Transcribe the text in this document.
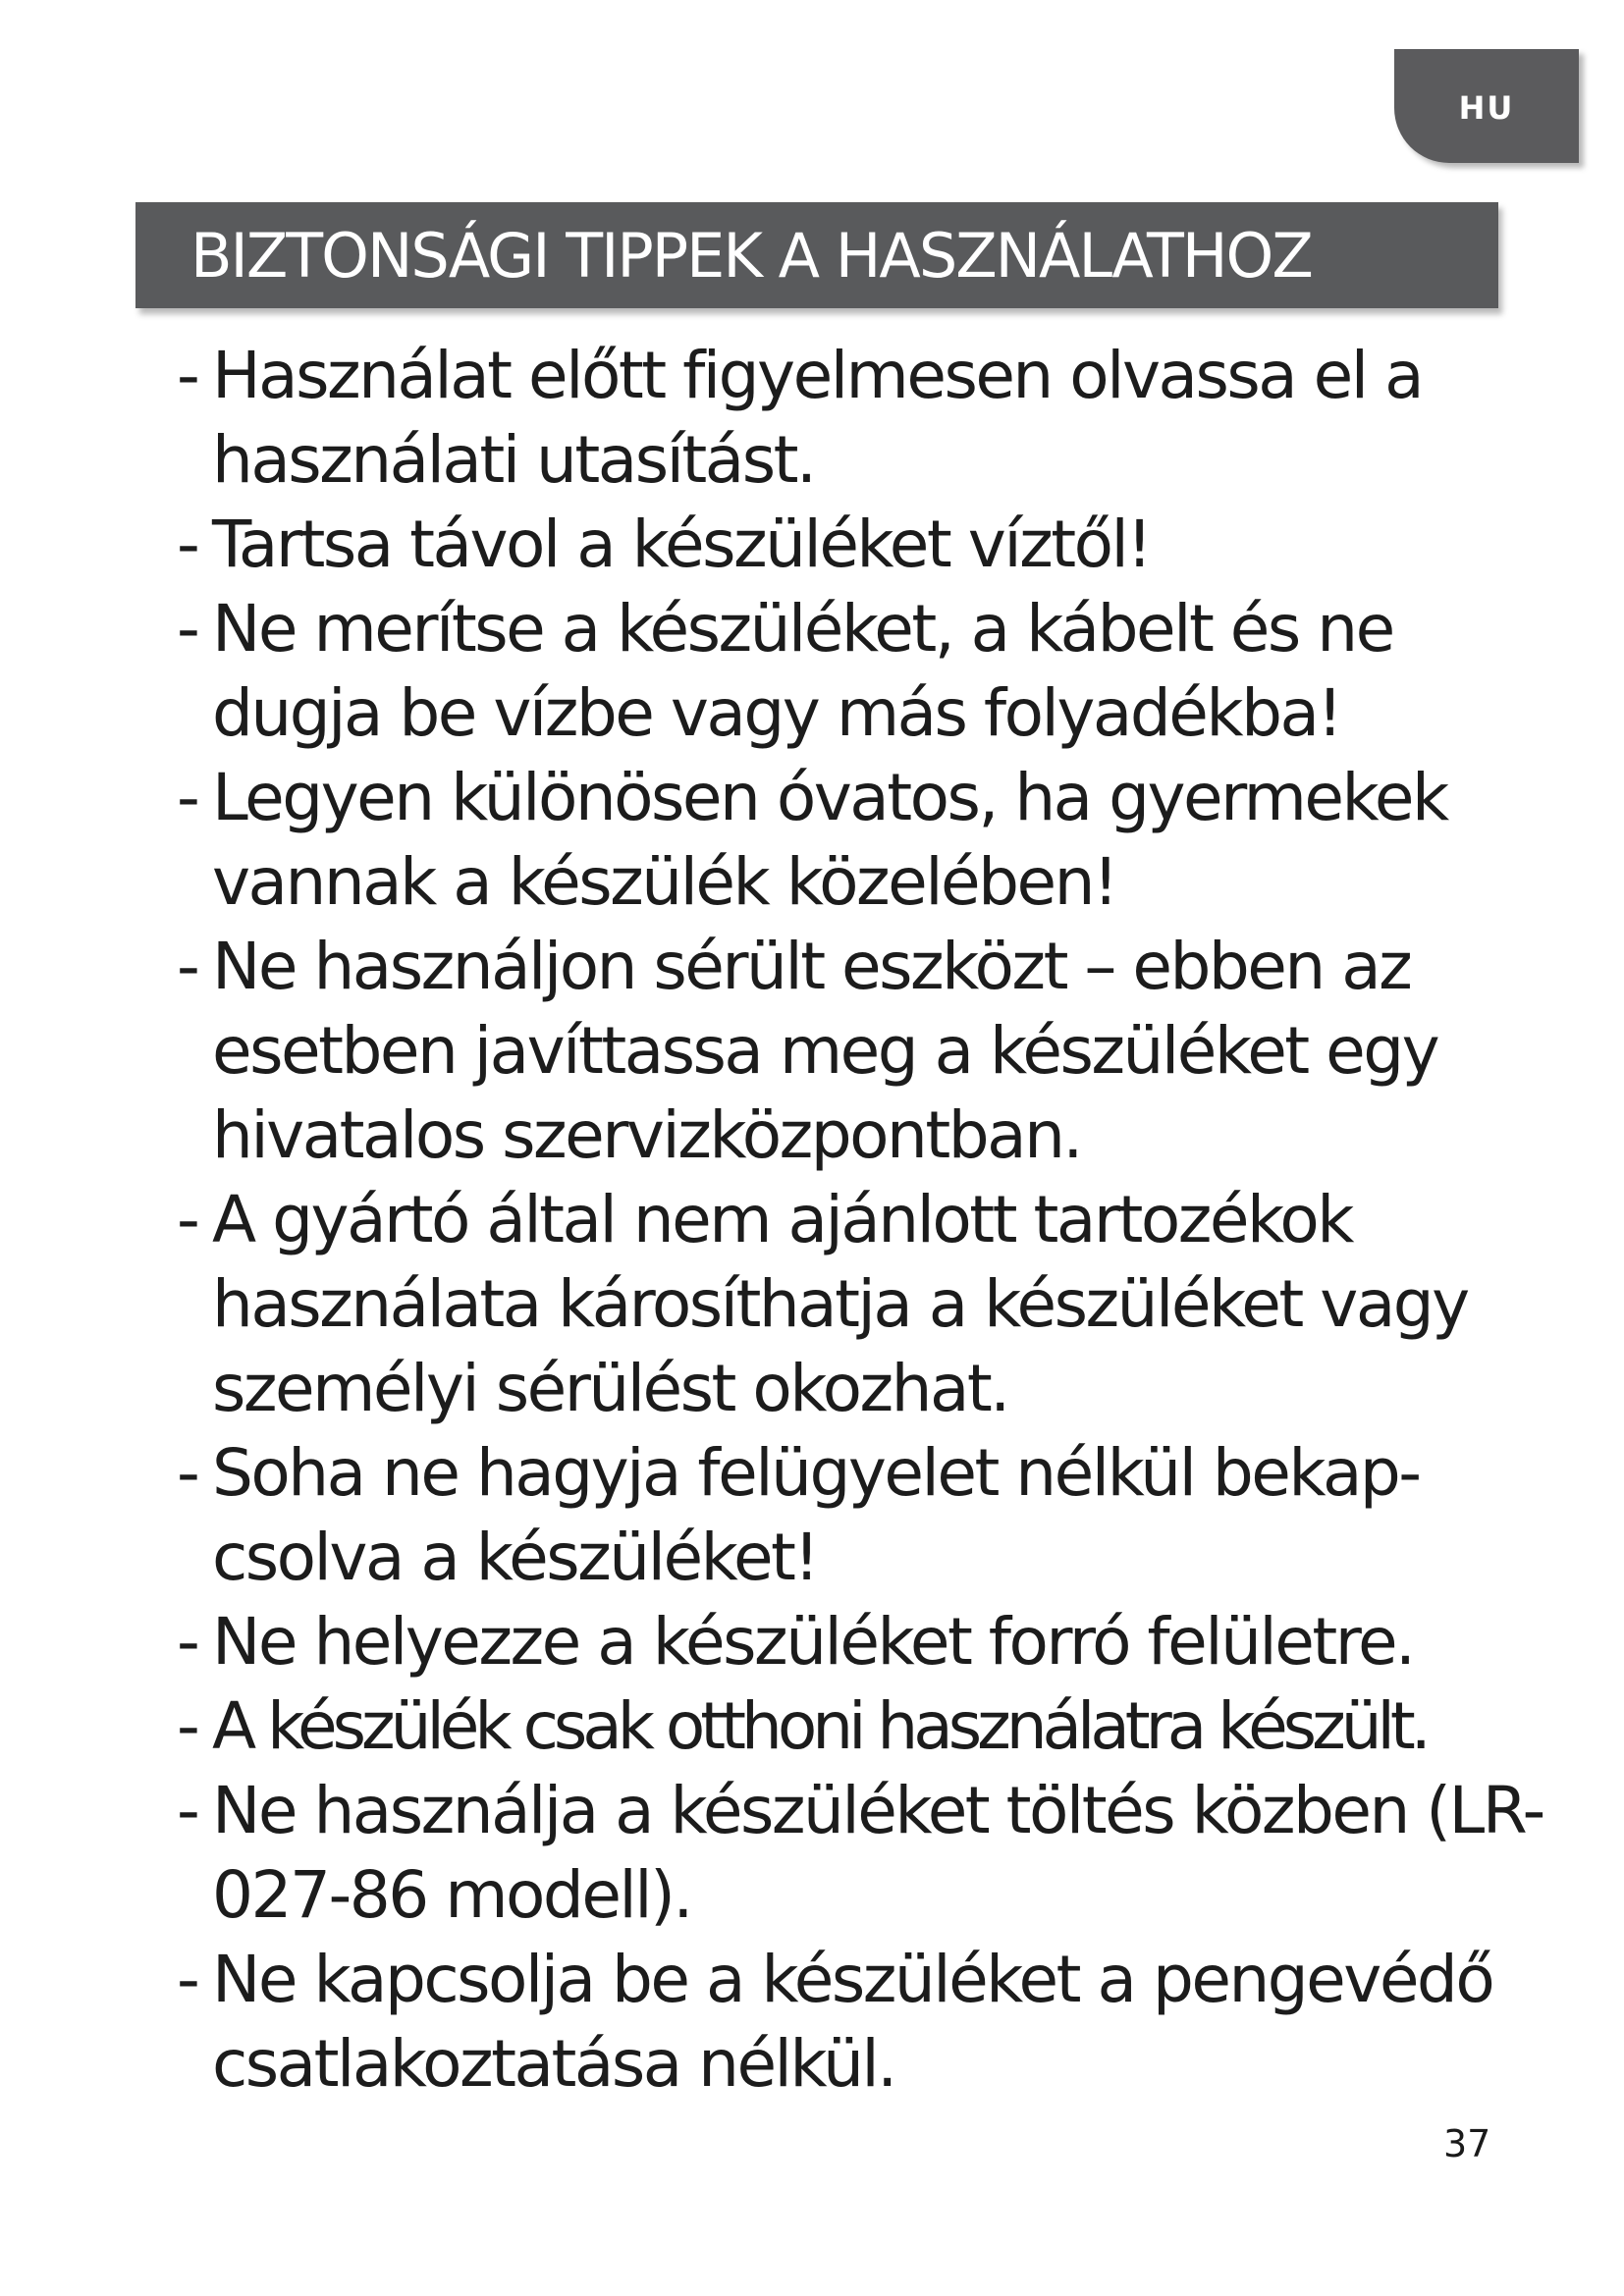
HU
BIZTONSÁGI TIPPEK A HASZNÁLATHOZ
- Használat előtt figyelmesen olvassa el a használati utasítást.
- Tartsa távol a készüléket víztől!
- Ne merítse a készüléket, a kábelt és ne dugja be vízbe vagy más folyadékba!
- Legyen különösen óvatos, ha gyermekek vannak a készülék közelében!
- Ne használjon sérült eszközt – ebben az esetben javíttassa meg a készüléket egy hivatalos szervizközpontban.
- A gyártó által nem ajánlott tartozékok használata károsíthatja a készüléket vagy személyi sérülést okozhat.
- Soha ne hagyja felügyelet nélkül bekap-csolva a készüléket!
- Ne helyezze a készüléket forró felületre.
- A készülék csak otthoni használatra készült.
- Ne használja a készüléket töltés közben (LR-027-86 modell).
- Ne kapcsolja be a készüléket a pengevédő csatlakoztatása nélkül.
37
